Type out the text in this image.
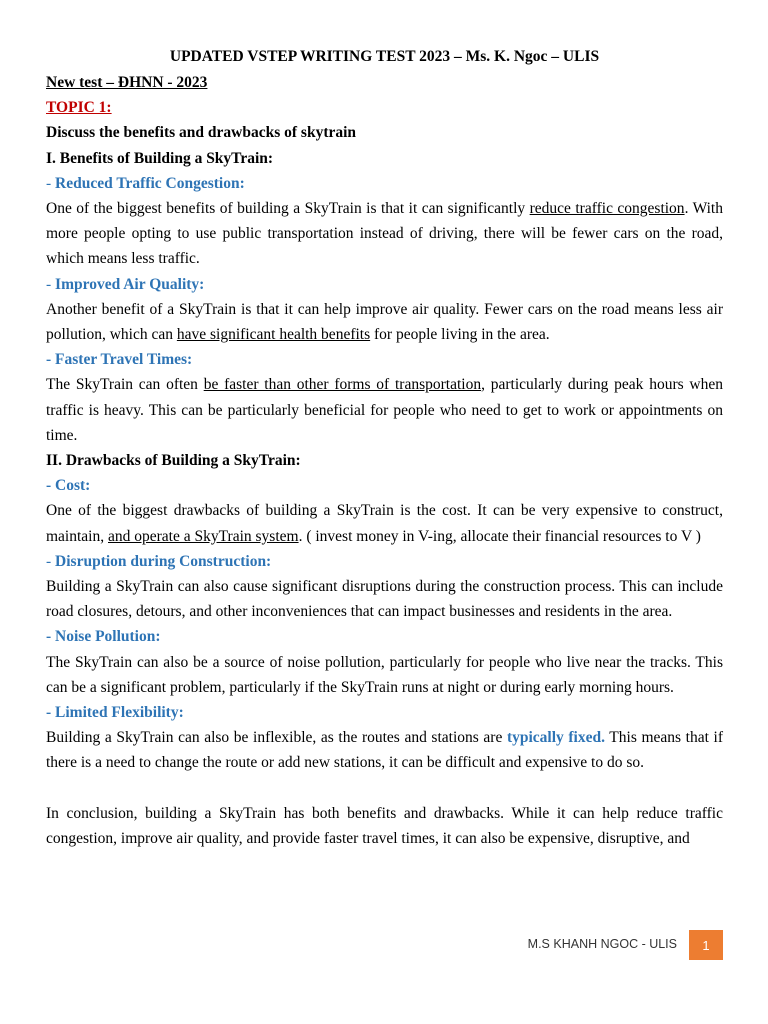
UPDATED VSTEP WRITING TEST 2023 – Ms. K. Ngoc – ULIS
New test – ĐHNN - 2023
TOPIC 1:
Discuss the benefits and drawbacks of skytrain
I. Benefits of Building a SkyTrain:
- Reduced Traffic Congestion:

One of the biggest benefits of building a SkyTrain is that it can significantly reduce traffic congestion. With more people opting to use public transportation instead of driving, there will be fewer cars on the road, which means less traffic.

- Improved Air Quality:

Another benefit of a SkyTrain is that it can help improve air quality. Fewer cars on the road means less air pollution, which can have significant health benefits for people living in the area.

- Faster Travel Times:

The SkyTrain can often be faster than other forms of transportation, particularly during peak hours when traffic is heavy. This can be particularly beneficial for people who need to get to work or appointments on time.

II. Drawbacks of Building a SkyTrain:
- Cost:

One of the biggest drawbacks of building a SkyTrain is the cost. It can be very expensive to construct, maintain, and operate a SkyTrain system. ( invest money in V-ing, allocate their financial resources to V )

- Disruption during Construction:

Building a SkyTrain can also cause significant disruptions during the construction process. This can include road closures, detours, and other inconveniences that can impact businesses and residents in the area.

- Noise Pollution:

The SkyTrain can also be a source of noise pollution, particularly for people who live near the tracks. This can be a significant problem, particularly if the SkyTrain runs at night or during early morning hours.

- Limited Flexibility:

Building a SkyTrain can also be inflexible, as the routes and stations are typically fixed. This means that if there is a need to change the route or add new stations, it can be difficult and expensive to do so.

In conclusion, building a SkyTrain has both benefits and drawbacks. While it can help reduce traffic congestion, improve air quality, and provide faster travel times, it can also be expensive, disruptive, and

M.S KHANH NGOC - ULIS	1
